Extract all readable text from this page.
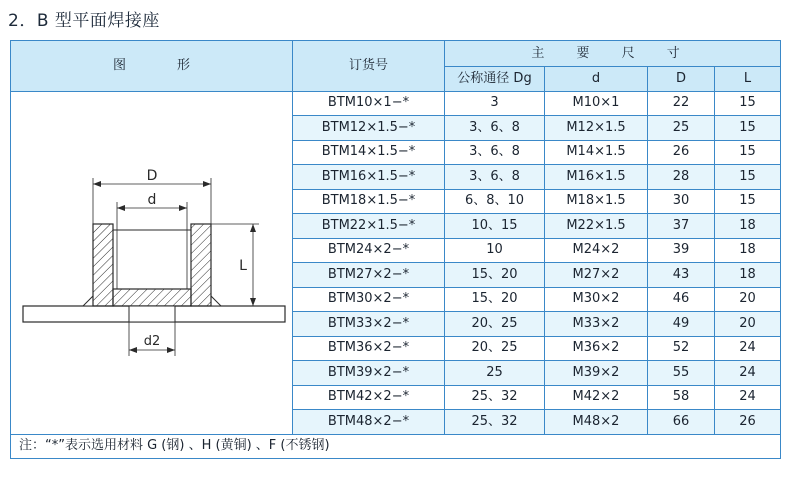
2．B 型平面焊接座
图 形	订货号	主 要 尺 寸			
		公称通径 Dg	d	D	L

D
d
L
d2	BTM10×1−*	3	M10×1	22	15
	BTM12×1.5−*	3、6、8	M12×1.5	25	15
	BTM14×1.5−*	3、6、8	M14×1.5	26	15
	BTM16×1.5−*	3、6、8	M16×1.5	28	15
	BTM18×1.5−*	6、8、10	M18×1.5	30	15
	BTM22×1.5−*	10、15	M22×1.5	37	18
	BTM24×2−*	10	M24×2	39	18
	BTM27×2−*	15、20	M27×2	43	18
	BTM30×2−*	15、20	M30×2	46	20
	BTM33×2−*	20、25	M33×2	49	20
	BTM36×2−*	20、25	M36×2	52	24
	BTM39×2−*	25	M39×2	55	24
	BTM42×2−*	25、32	M42×2	58	24
	BTM48×2−*	25、32	M48×2	66	26
注：“*”表示选用材料 G (钢) 、H (黄铜) 、F (不锈钢)					
